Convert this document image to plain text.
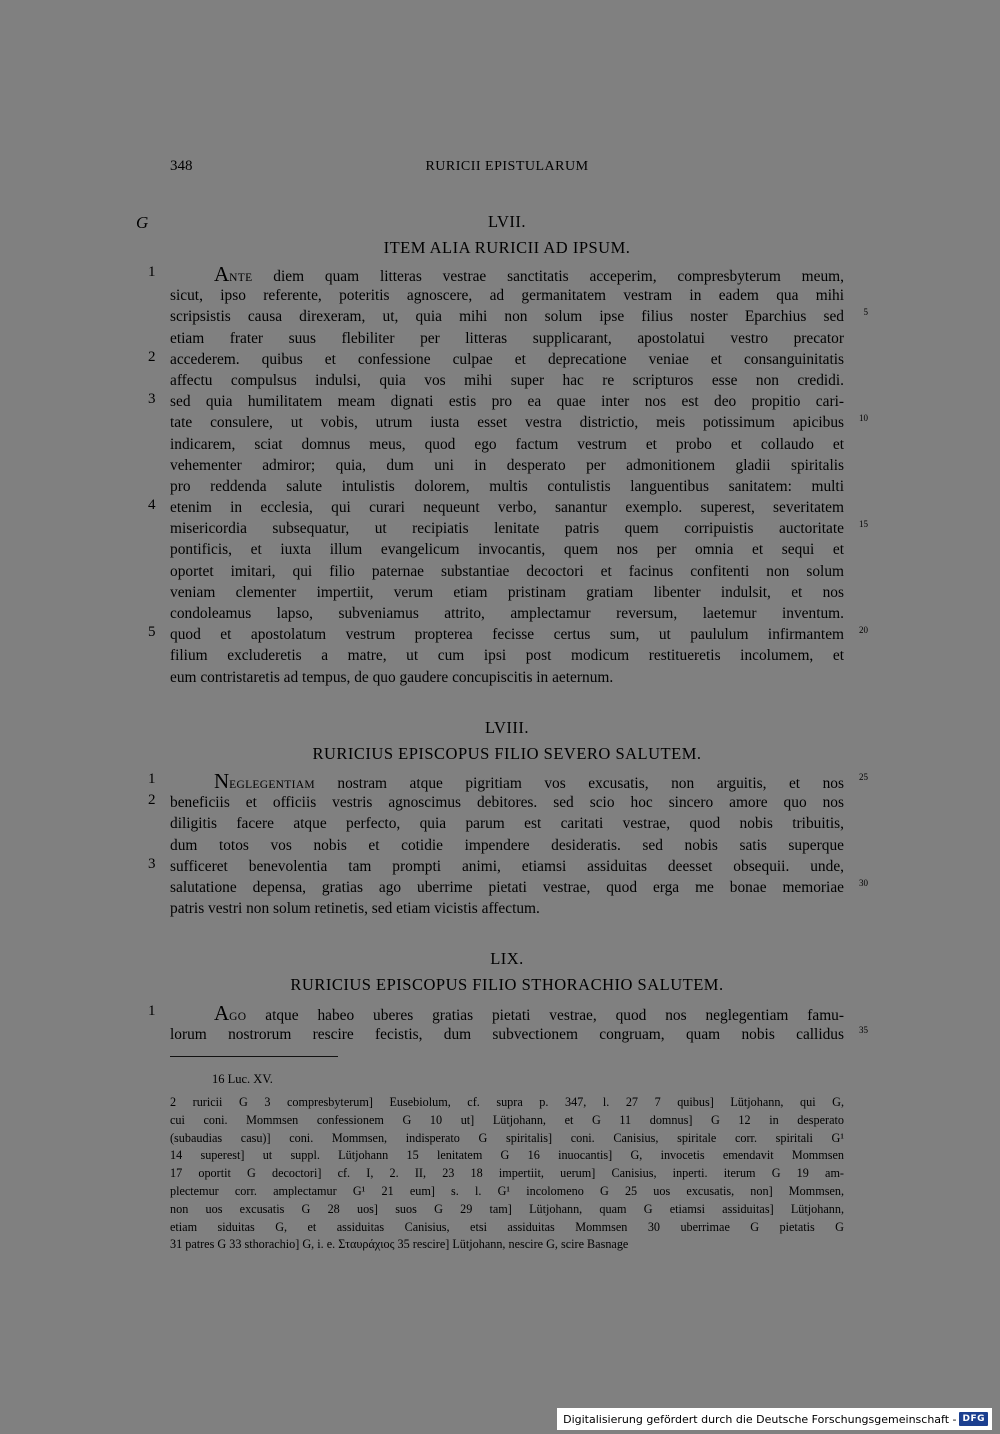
348	RURICII EPISTULARUM
G	LVII.
ITEM ALIA RURICII AD IPSUM.
1	ANTE diem quam litteras vestrae sanctitatis acceperim, compresbyterum meum,
sicut, ipso referente, poteritis agnoscere, ad germanitatem vestram in eadem qua mihi
scripsistis causa direxeram, ut, quia mihi non solum ipse filius noster Eparchius sed 5
etiam frater suus flebiliter per litteras supplicarant, apostolatui vestro precator
2 accederem. quibus et confessione culpae et deprecatione veniae et consanguinitatis
affectu compulsus indulsi, quia vos mihi super hac re scripturos esse non credidi.
3 sed quia humilitatem meam dignati estis pro ea quae inter nos est deo propitio cari-
tate consulere, ut vobis, utrum iusta esset vestra districtio, meis potissimum apicibus 10
indicarem, sciat domnus meus, quod ego factum vestrum et probo et collaudo et
vehementer admiror; quia, dum uni in desperato per admonitionem gladii spiritalis
pro reddenda salute intulistis dolorem, multis contulistis languentibus sanitatem: multi
4 etenim in ecclesia, qui curari nequeunt verbo, sanantur exemplo. superest, severitatem
misericordia subsequatur, ut recipiatis lenitate patris quem corripuistis auctoritate 15
pontificis, et iuxta illum evangelicum invocantis, quem nos per omnia et sequi et
oportet imitari, qui filio paternae substantiae decoctori et facinus confitenti non solum
veniam clementer impertiit, verum etiam pristinam gratiam libenter indulsit, et nos
condoleamus lapso, subveniamus attrito, amplectamur reversum, laetemur inventum.
5 quod et apostolatum vestrum propterea fecisse certus sum, ut paululum infirmantem 20
filium excluderetis a matre, ut cum ipsi post modicum restitueretis incolumem, et
eum contristaretis ad tempus, de quo gaudere concupiscitis in aeternum.
LVIII.
RURICIUS EPISCOPUS FILIO SEVERO SALUTEM.
1	NEGLEGENTIAM nostram atque pigritiam vos excusatis, non arguitis, et nos 25
2 beneficiis et officiis vestris agnoscimus debitores. sed scio hoc sincero amore quo nos
diligitis facere atque perfecto, quia parum est caritati vestrae, quod nobis tribuitis,
dum totos vos nobis et cotidie impendere desideratis. sed nobis satis superque
3 sufficeret benevolentia tam prompti animi, etiamsi assiduitas deesset obsequii. unde,
salutatione depensa, gratias ago uberrime pietati vestrae, quod erga me bonae memoriae 30
patris vestri non solum retinetis, sed etiam vicistis affectum.
LIX.
RURICIUS EPISCOPUS FILIO STHORACHIO SALUTEM.
1	AGO atque habeo uberes gratias pietati vestrae, quod nos neglegentiam famu-
lorum nostrorum rescire fecistis, dum subvectionem congruam, quam nobis callidus 35
16 Luc. XV.
2 ruricii G 3 compresbyterum] Eusebiolum, cf. supra p. 347, l. 27 7 quibus] Lütjohann, qui G,
cui coni. Mommsen confessionem G 10 ut] Lütjohann, et G 11 domnus] G 12 in desperato
(subaudias casu)] coni. Mommsen, indisperato G spiritalis] coni. Canisius, spiritale corr. spiritali G¹
14 superest] ut suppl. Lütjohann 15 lenitatem G 16 inuocantis] G, invocetis emendavit Mommsen
17 oportit G decoctori] cf. I, 2. II, 23 18 impertiit, uerum] Canisius, inperti. iterum G 19 am-
plectemur corr. amplectamur G¹ 21 eum] s. l. G¹ incolomeno G 25 uos excusatis, non] Mommsen,
non uos excusatis G 28 uos] suos G 29 tam] Lütjohann, quam G etiamsi assiduitas] Lütjohann,
etiam siduitas G, et assiduitas Canisius, etsi assiduitas Mommsen 30 uberrimae G pietatis G
31 patres G 33 sthorachio] G, i. e. Σταυράχιος 35 rescire] Lütjohann, nescire G, scire Basnage
Digitalisierung gefördert durch die Deutsche Forschungsgemeinschaft - DFG
